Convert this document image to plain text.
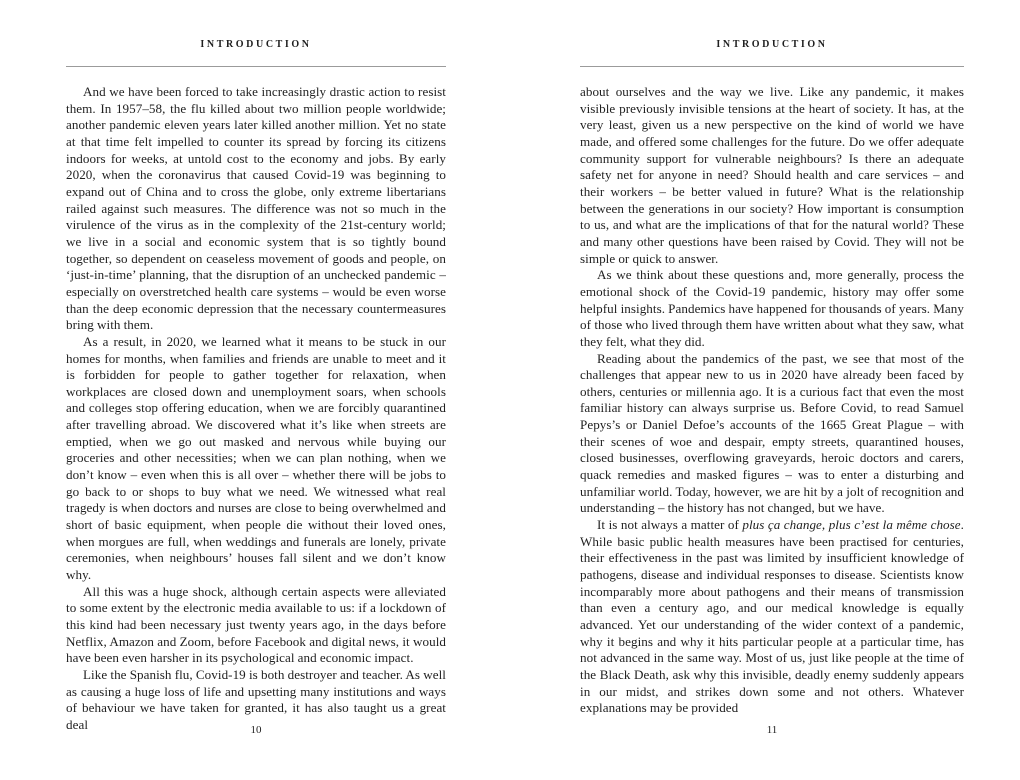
INTRODUCTION

And we have been forced to take increasingly drastic action to resist them. In 1957–58, the flu killed about two million people worldwide; another pandemic eleven years later killed another million. Yet no state at that time felt impelled to counter its spread by forcing its citizens indoors for weeks, at untold cost to the economy and jobs. By early 2020, when the coronavirus that caused Covid-19 was beginning to expand out of China and to cross the globe, only extreme libertarians railed against such measures. The difference was not so much in the virulence of the virus as in the complexity of the 21st-century world; we live in a social and economic system that is so tightly bound together, so dependent on ceaseless movement of goods and people, on ‘just-in-time’ planning, that the disruption of an unchecked pandemic – especially on overstretched health care systems – would be even worse than the deep economic depression that the necessary countermeasures bring with them.

As a result, in 2020, we learned what it means to be stuck in our homes for months, when families and friends are unable to meet and it is forbidden for people to gather together for relaxation, when workplaces are closed down and unemployment soars, when schools and colleges stop offering education, when we are forcibly quarantined after travelling abroad. We discovered what it’s like when streets are emptied, when we go out masked and nervous while buying our groceries and other necessities; when we can plan nothing, when we don’t know – even when this is all over – whether there will be jobs to go back to or shops to buy what we need. We witnessed what real tragedy is when doctors and nurses are close to being overwhelmed and short of basic equipment, when people die without their loved ones, when morgues are full, when weddings and funerals are lonely, private ceremonies, when neighbours’ houses fall silent and we don’t know why.

All this was a huge shock, although certain aspects were alleviated to some extent by the electronic media available to us: if a lockdown of this kind had been necessary just twenty years ago, in the days before Netflix, Amazon and Zoom, before Facebook and digital news, it would have been even harsher in its psychological and economic impact.

Like the Spanish flu, Covid-19 is both destroyer and teacher. As well as causing a huge loss of life and upsetting many institutions and ways of behaviour we have taken for granted, it has also taught us a great deal	10
INTRODUCTION

about ourselves and the way we live. Like any pandemic, it makes visible previously invisible tensions at the heart of society. It has, at the very least, given us a new perspective on the kind of world we have made, and offered some challenges for the future. Do we offer adequate community support for vulnerable neighbours? Is there an adequate safety net for anyone in need? Should health and care services – and their workers – be better valued in future? What is the relationship between the generations in our society? How important is consumption to us, and what are the implications of that for the natural world? These and many other questions have been raised by Covid. They will not be simple or quick to answer.

As we think about these questions and, more generally, process the emotional shock of the Covid-19 pandemic, history may offer some helpful insights. Pandemics have happened for thousands of years. Many of those who lived through them have written about what they saw, what they felt, what they did.

Reading about the pandemics of the past, we see that most of the challenges that appear new to us in 2020 have already been faced by others, centuries or millennia ago. It is a curious fact that even the most familiar history can always surprise us. Before Covid, to read Samuel Pepys’s or Daniel Defoe’s accounts of the 1665 Great Plague – with their scenes of woe and despair, empty streets, quarantined houses, closed businesses, overflowing graveyards, heroic doctors and carers, quack remedies and masked figures – was to enter a disturbing and unfamiliar world. Today, however, we are hit by a jolt of recognition and understanding – the history has not changed, but we have.

It is not always a matter of plus ça change, plus c’est la même chose. While basic public health measures have been practised for centuries, their effectiveness in the past was limited by insufficient knowledge of pathogens, disease and individual responses to disease. Scientists know incomparably more about pathogens and their means of transmission than even a century ago, and our medical knowledge is equally advanced. Yet our understanding of the wider context of a pandemic, why it begins and why it hits particular people at a particular time, has not advanced in the same way. Most of us, just like people at the time of the Black Death, ask why this invisible, deadly enemy suddenly appears in our midst, and strikes down some and not others. Whatever explanations may be provided

11
